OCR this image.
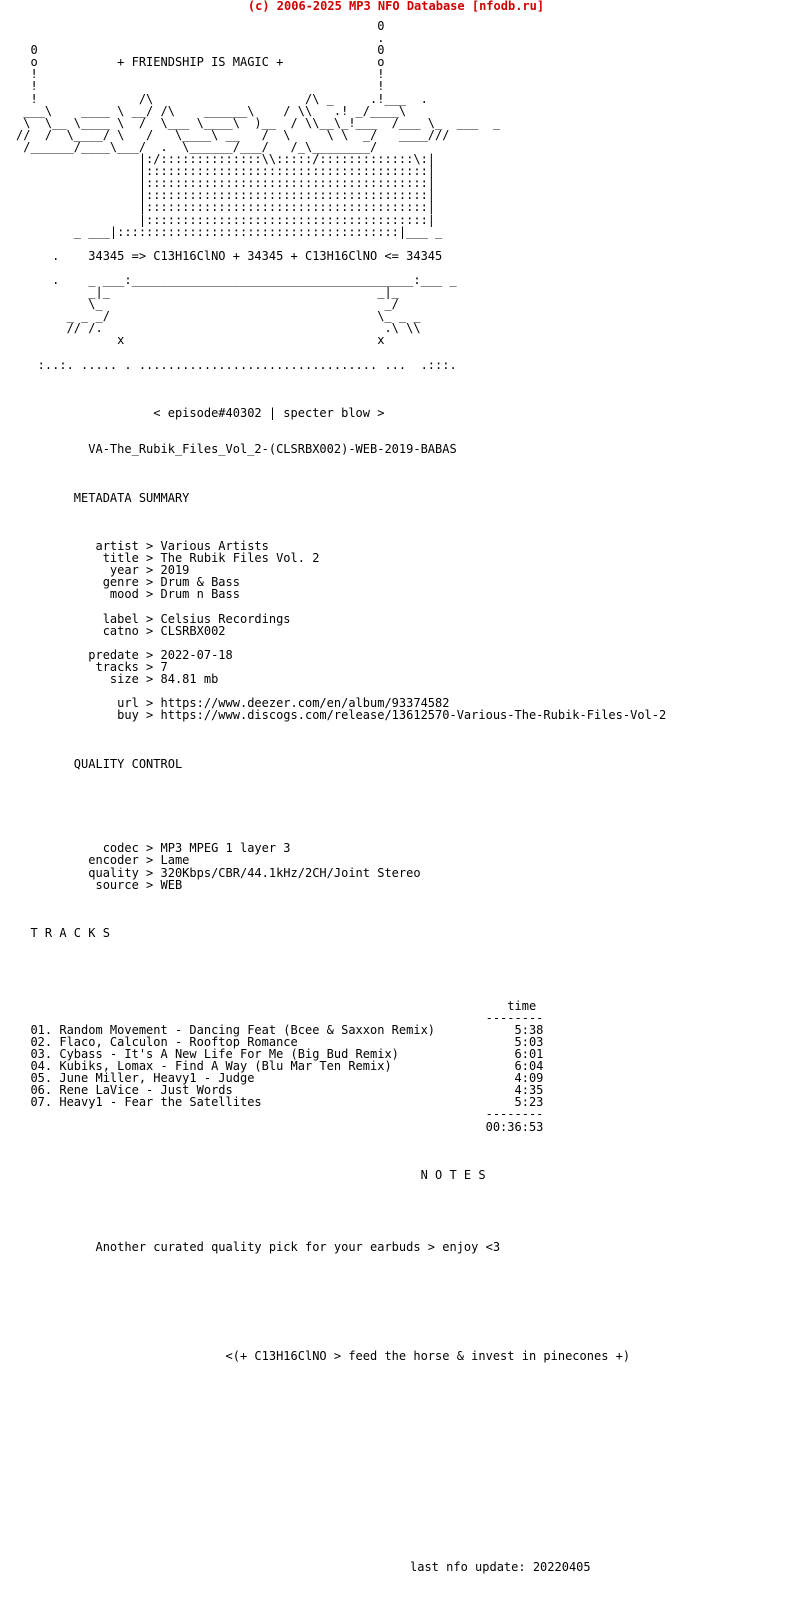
(c) 2006-2025 MP3 NFO Database [nfodb.ru]
0
.
0                                               0
o           + FRIENDSHIP IS MAGIC +             o
!                                               !
!                                               !
!              /\                     /\ _     .!___  .
___\    ____ \ __/ /\    ______\    / \\   .! _/____\
\  \__ \____ \  /  \___ \____\  )__  / \\__\_!___  /___ \_  ___  _
//  /  \____/ \   /   \____\ __   /  \     \ \  _/   ____///
/______/____\___/  .  \______/___/   /_\________/
|:/::::::::::::::\\:::::/:::::::::::::\:|
|:::::::::::::::::::::::::::::::::::::::|
|:::::::::::::::::::::::::::::::::::::::|
|:::::::::::::::::::::::::::::::::::::::|
|:::::::::::::::::::::::::::::::::::::::|
|:::::::::::::::::::::::::::::::::::::::|
_ ___|:::::::::::::::::::::::::::::::::::::::|___ _

.    34345 => C13H16ClNO + 34345 + C13H16ClNO <= 34345

.    _ ___:_______________________________________:___ _
_|_                                     _|_
\_                                       _/
_ _ _/                                     \_ _ _
// /.                                       .\ \\
x                                   x

:..:. ..... . ................................. ...  .:::.

< episode#40302 | specter blow >

VA-The_Rubik_Files_Vol_2-(CLSRBX002)-WEB-2019-BABAS

METADATA SUMMARY

artist > Various Artists
title > The Rubik Files Vol. 2
year > 2019
genre > Drum & Bass
mood > Drum n Bass

label > Celsius Recordings
catno > CLSRBX002

predate > 2022-07-18
tracks > 7
size > 84.81 mb

url > https://www.deezer.com/en/album/93374582
buy > https://www.discogs.com/release/13612570-Various-The-Rubik-Files-Vol-2

QUALITY CONTROL

codec > MP3 MPEG 1 layer 3
encoder > Lame
quality > 320Kbps/CBR/44.1kHz/2CH/Joint Stereo
source > WEB

T R A C K S

time
--------
01. Random Movement - Dancing Feat (Bcee & Saxxon Remix)           5:38
02. Flaco, Calculon - Rooftop Romance                              5:03
03. Cybass - It's A New Life For Me (Big Bud Remix)                6:01
04. Kubiks, Lomax - Find A Way (Blu Mar Ten Remix)                 6:04
05. June Miller, Heavy1 - Judge                                    4:09
06. Rene LaVice - Just Words                                       4:35
07. Heavy1 - Fear the Satellites                                   5:23
--------
00:36:53

N O T E S

Another curated quality pick for your earbuds > enjoy <3

<(+ C13H16ClNO > feed the horse & invest in pinecones +)

last nfo update: 20220405
